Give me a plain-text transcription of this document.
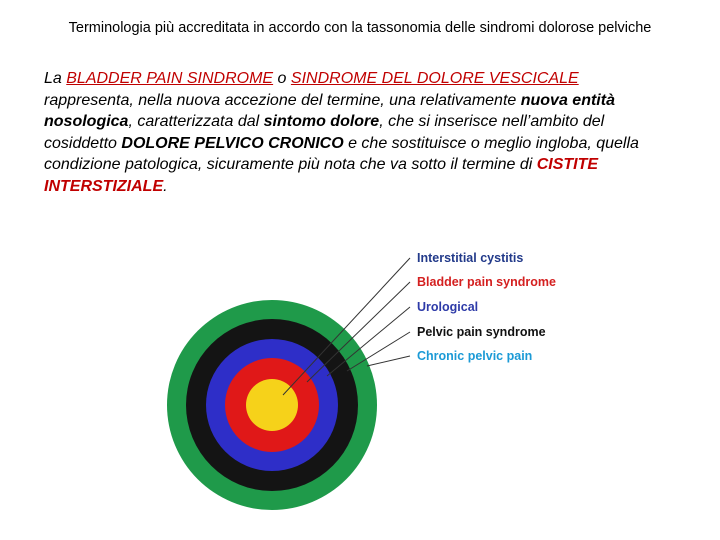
Terminologia più accreditata in accordo con la tassonomia delle sindromi dolorose pelviche
La BLADDER PAIN SINDROME o SINDROME DEL DOLORE VESCICALE rappresenta, nella nuova accezione del termine, una relativamente nuova entità nosologica, caratterizzata dal sintomo dolore, che si inserisce nell’ambito del cosiddetto DOLORE PELVICO CRONICO e che sostituisce o meglio ingloba, quella condizione patologica, sicuramente più nota che va sotto il termine di CISTITE INTERSTIZIALE.
Interstitial cystitis
Bladder pain syndrome
Urological
Pelvic pain syndrome
Chronic pelvic pain
